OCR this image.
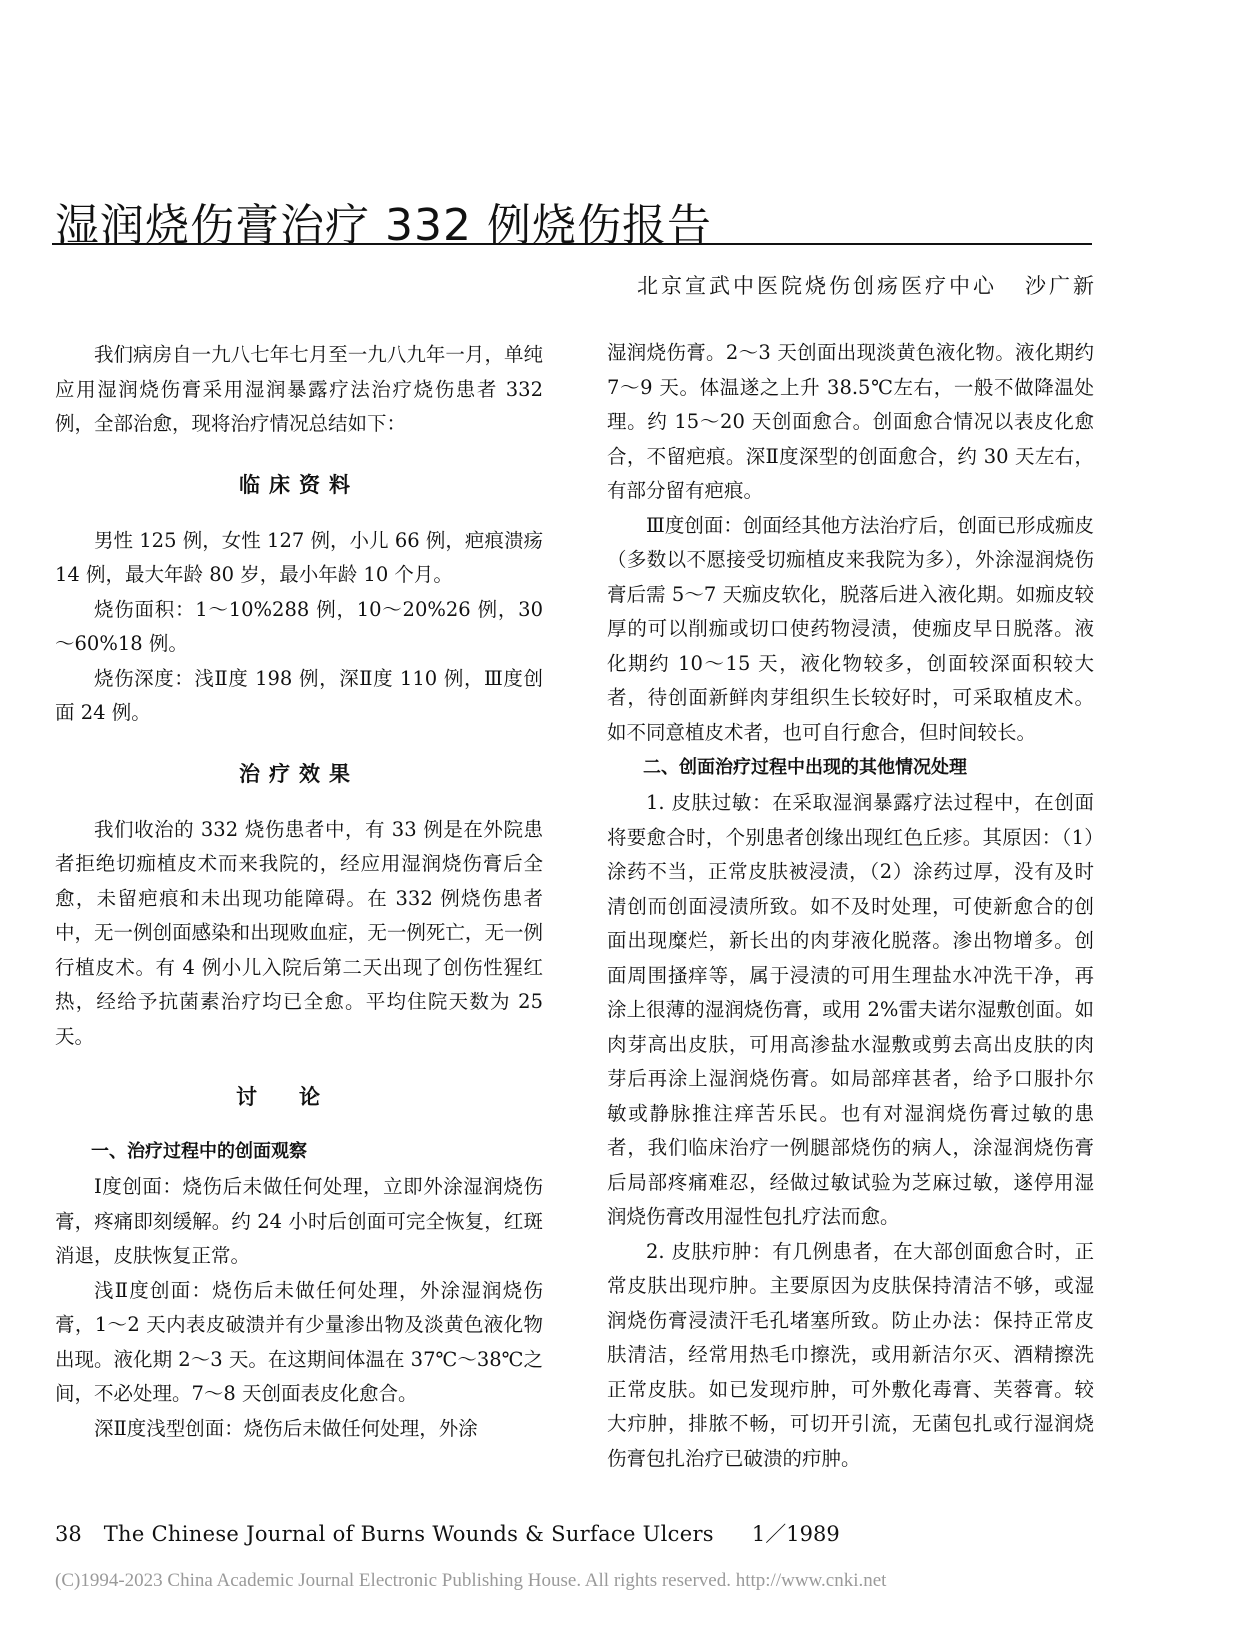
湿润烧伤膏治疗 332 例烧伤报告
北京宣武中医院烧伤创疡医疗中心 沙广新

我们病房自一九八七年七月至一九八九年一月，单纯应用湿润烧伤膏采用湿润暴露疗法治疗烧伤患者 332 例，全部治愈，现将治疗情况总结如下：

临床资料

男性 125 例，女性 127 例，小儿 66 例，疤痕溃疡 14 例，最大年龄 80 岁，最小年龄 10 个月。

烧伤面积：1～10%288 例，10～20%26 例，30～60%18 例。

烧伤深度：浅Ⅱ度 198 例，深Ⅱ度 110 例，Ⅲ度创面 24 例。

治疗效果

我们收治的 332 烧伤患者中，有 33 例是在外院患者拒绝切痂植皮术而来我院的，经应用湿润烧伤膏后全愈，未留疤痕和未出现功能障碍。在 332 例烧伤患者中，无一例创面感染和出现败血症，无一例死亡，无一例行植皮术。有 4 例小儿入院后第二天出现了创伤性猩红热，经给予抗菌素治疗均已全愈。平均住院天数为 25 天。

讨论
一、治疗过程中的创面观察

Ⅰ度创面：烧伤后未做任何处理，立即外涂湿润烧伤膏，疼痛即刻缓解。约 24 小时后创面可完全恢复，红斑消退，皮肤恢复正常。

浅Ⅱ度创面：烧伤后未做任何处理，外涂湿润烧伤膏，1～2 天内表皮破溃并有少量渗出物及淡黄色液化物出现。液化期 2～3 天。在这期间体温在 37℃～38℃之间，不必处理。7～8 天创面表皮化愈合。

深Ⅱ度浅型创面：烧伤后未做任何处理，外涂

湿润烧伤膏。2～3 天创面出现淡黄色液化物。液化期约 7～9 天。体温遂之上升 38.5℃左右，一般不做降温处理。约 15～20 天创面愈合。创面愈合情况以表皮化愈合，不留疤痕。深Ⅱ度深型的创面愈合，约 30 天左右，有部分留有疤痕。

Ⅲ度创面：创面经其他方法治疗后，创面已形成痂皮（多数以不愿接受切痂植皮来我院为多），外涂湿润烧伤膏后需 5～7 天痂皮软化，脱落后进入液化期。如痂皮较厚的可以削痂或切口使药物浸渍，使痂皮早日脱落。液化期约 10～15 天，液化物较多，创面较深面积较大者，待创面新鲜肉芽组织生长较好时，可采取植皮术。如不同意植皮术者，也可自行愈合，但时间较长。

二、创面治疗过程中出现的其他情况处理

1. 皮肤过敏：在采取湿润暴露疗法过程中，在创面将要愈合时，个别患者创缘出现红色丘疹。其原因：（1）涂药不当，正常皮肤被浸渍，（2）涂药过厚，没有及时清创而创面浸渍所致。如不及时处理，可使新愈合的创面出现糜烂，新长出的肉芽液化脱落。渗出物增多。创面周围搔痒等，属于浸渍的可用生理盐水冲洗干净，再涂上很薄的湿润烧伤膏，或用 2%雷夫诺尔湿敷创面。如肉芽高出皮肤，可用高渗盐水湿敷或剪去高出皮肤的肉芽后再涂上湿润烧伤膏。如局部痒甚者，给予口服扑尔敏或静脉推注痒苦乐民。也有对湿润烧伤膏过敏的患者，我们临床治疗一例腿部烧伤的病人，涂湿润烧伤膏后局部疼痛难忍，经做过敏试验为芝麻过敏，遂停用湿润烧伤膏改用湿性包扎疗法而愈。

2. 皮肤疖肿：有几例患者，在大部创面愈合时，正常皮肤出现疖肿。主要原因为皮肤保持清洁不够，或湿润烧伤膏浸渍汗毛孔堵塞所致。防止办法：保持正常皮肤清洁，经常用热毛巾擦洗，或用新洁尔灭、酒精擦洗正常皮肤。如已发现疖肿，可外敷化毒膏、芙蓉膏。较大疖肿，排脓不畅，可切开引流，无菌包扎或行湿润烧伤膏包扎治疗已破溃的疖肿。

38 The Chinese Journal of Burns Wounds & Surface Ulcers 1／1989
(C)1994-2023 China Academic Journal Electronic Publishing House. All rights reserved. http://www.cnki.net
